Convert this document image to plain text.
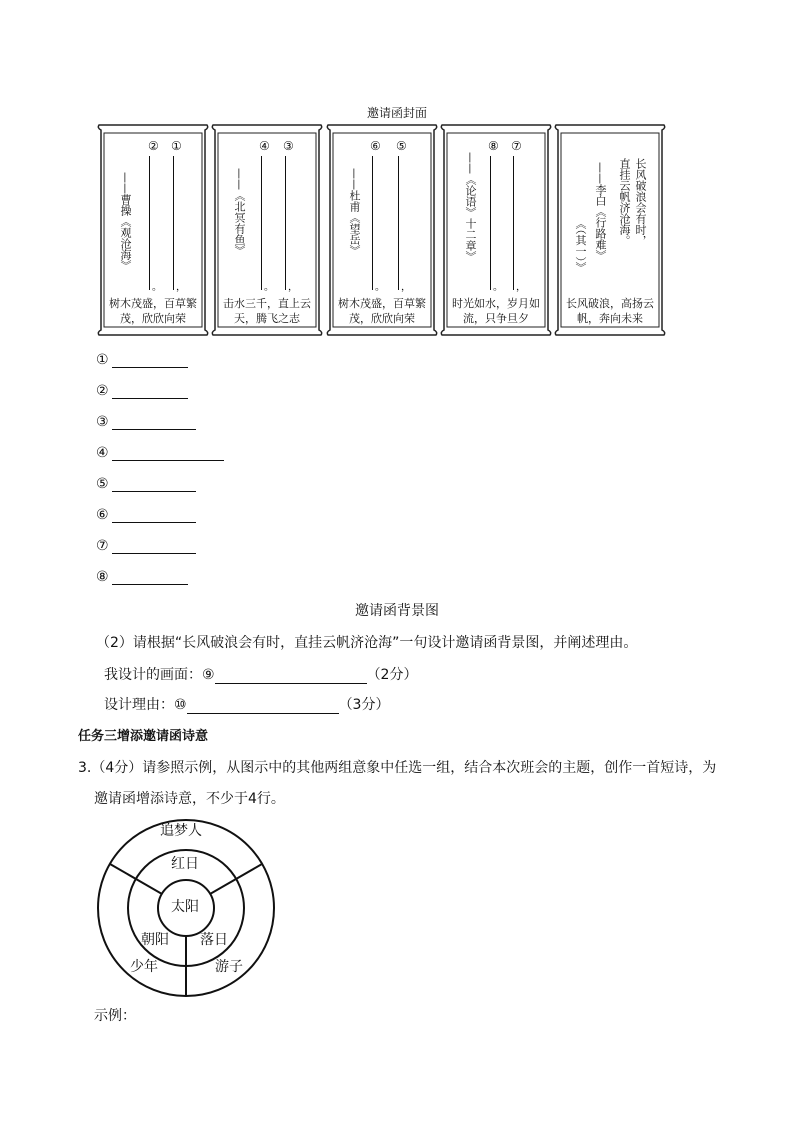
邀请函封面
② ①
。 ，
——曹操《观沧海》
树木茂盛，百草繁茂，欣欣向荣
④ ③
。 ，
——《北冥有鱼》
击水三千，直上云天，腾飞之志
⑥ ⑤
。 ，
——杜甫《望岳》
树木茂盛，百草繁茂，欣欣向荣
⑧ ⑦
。 ，
——《论语》十二章》
时光如水，岁月如流，只争旦夕
长风破浪会有时，
直挂云帆济沧海。
——李白《行路难》
《（其一）》
长风破浪，高扬云帆，奔向未来
①
②
③
④
⑤
⑥
⑦
⑧
邀请函背景图
（2）请根据“长风破浪会有时，直挂云帆济沧海”一句设计邀请函背景图，并阐述理由。
我设计的画面：⑨	（2分）
设计理由：⑩	（3分）
任务三增添邀请函诗意
3.（4分）请参照示例，从图示中的其他两组意象中任选一组，结合本次班会的主题，创作一首短诗，为
邀请函增添诗意，不少于4行。
追梦人
红日
太阳
朝阳 落日
少年	游子
示例：
